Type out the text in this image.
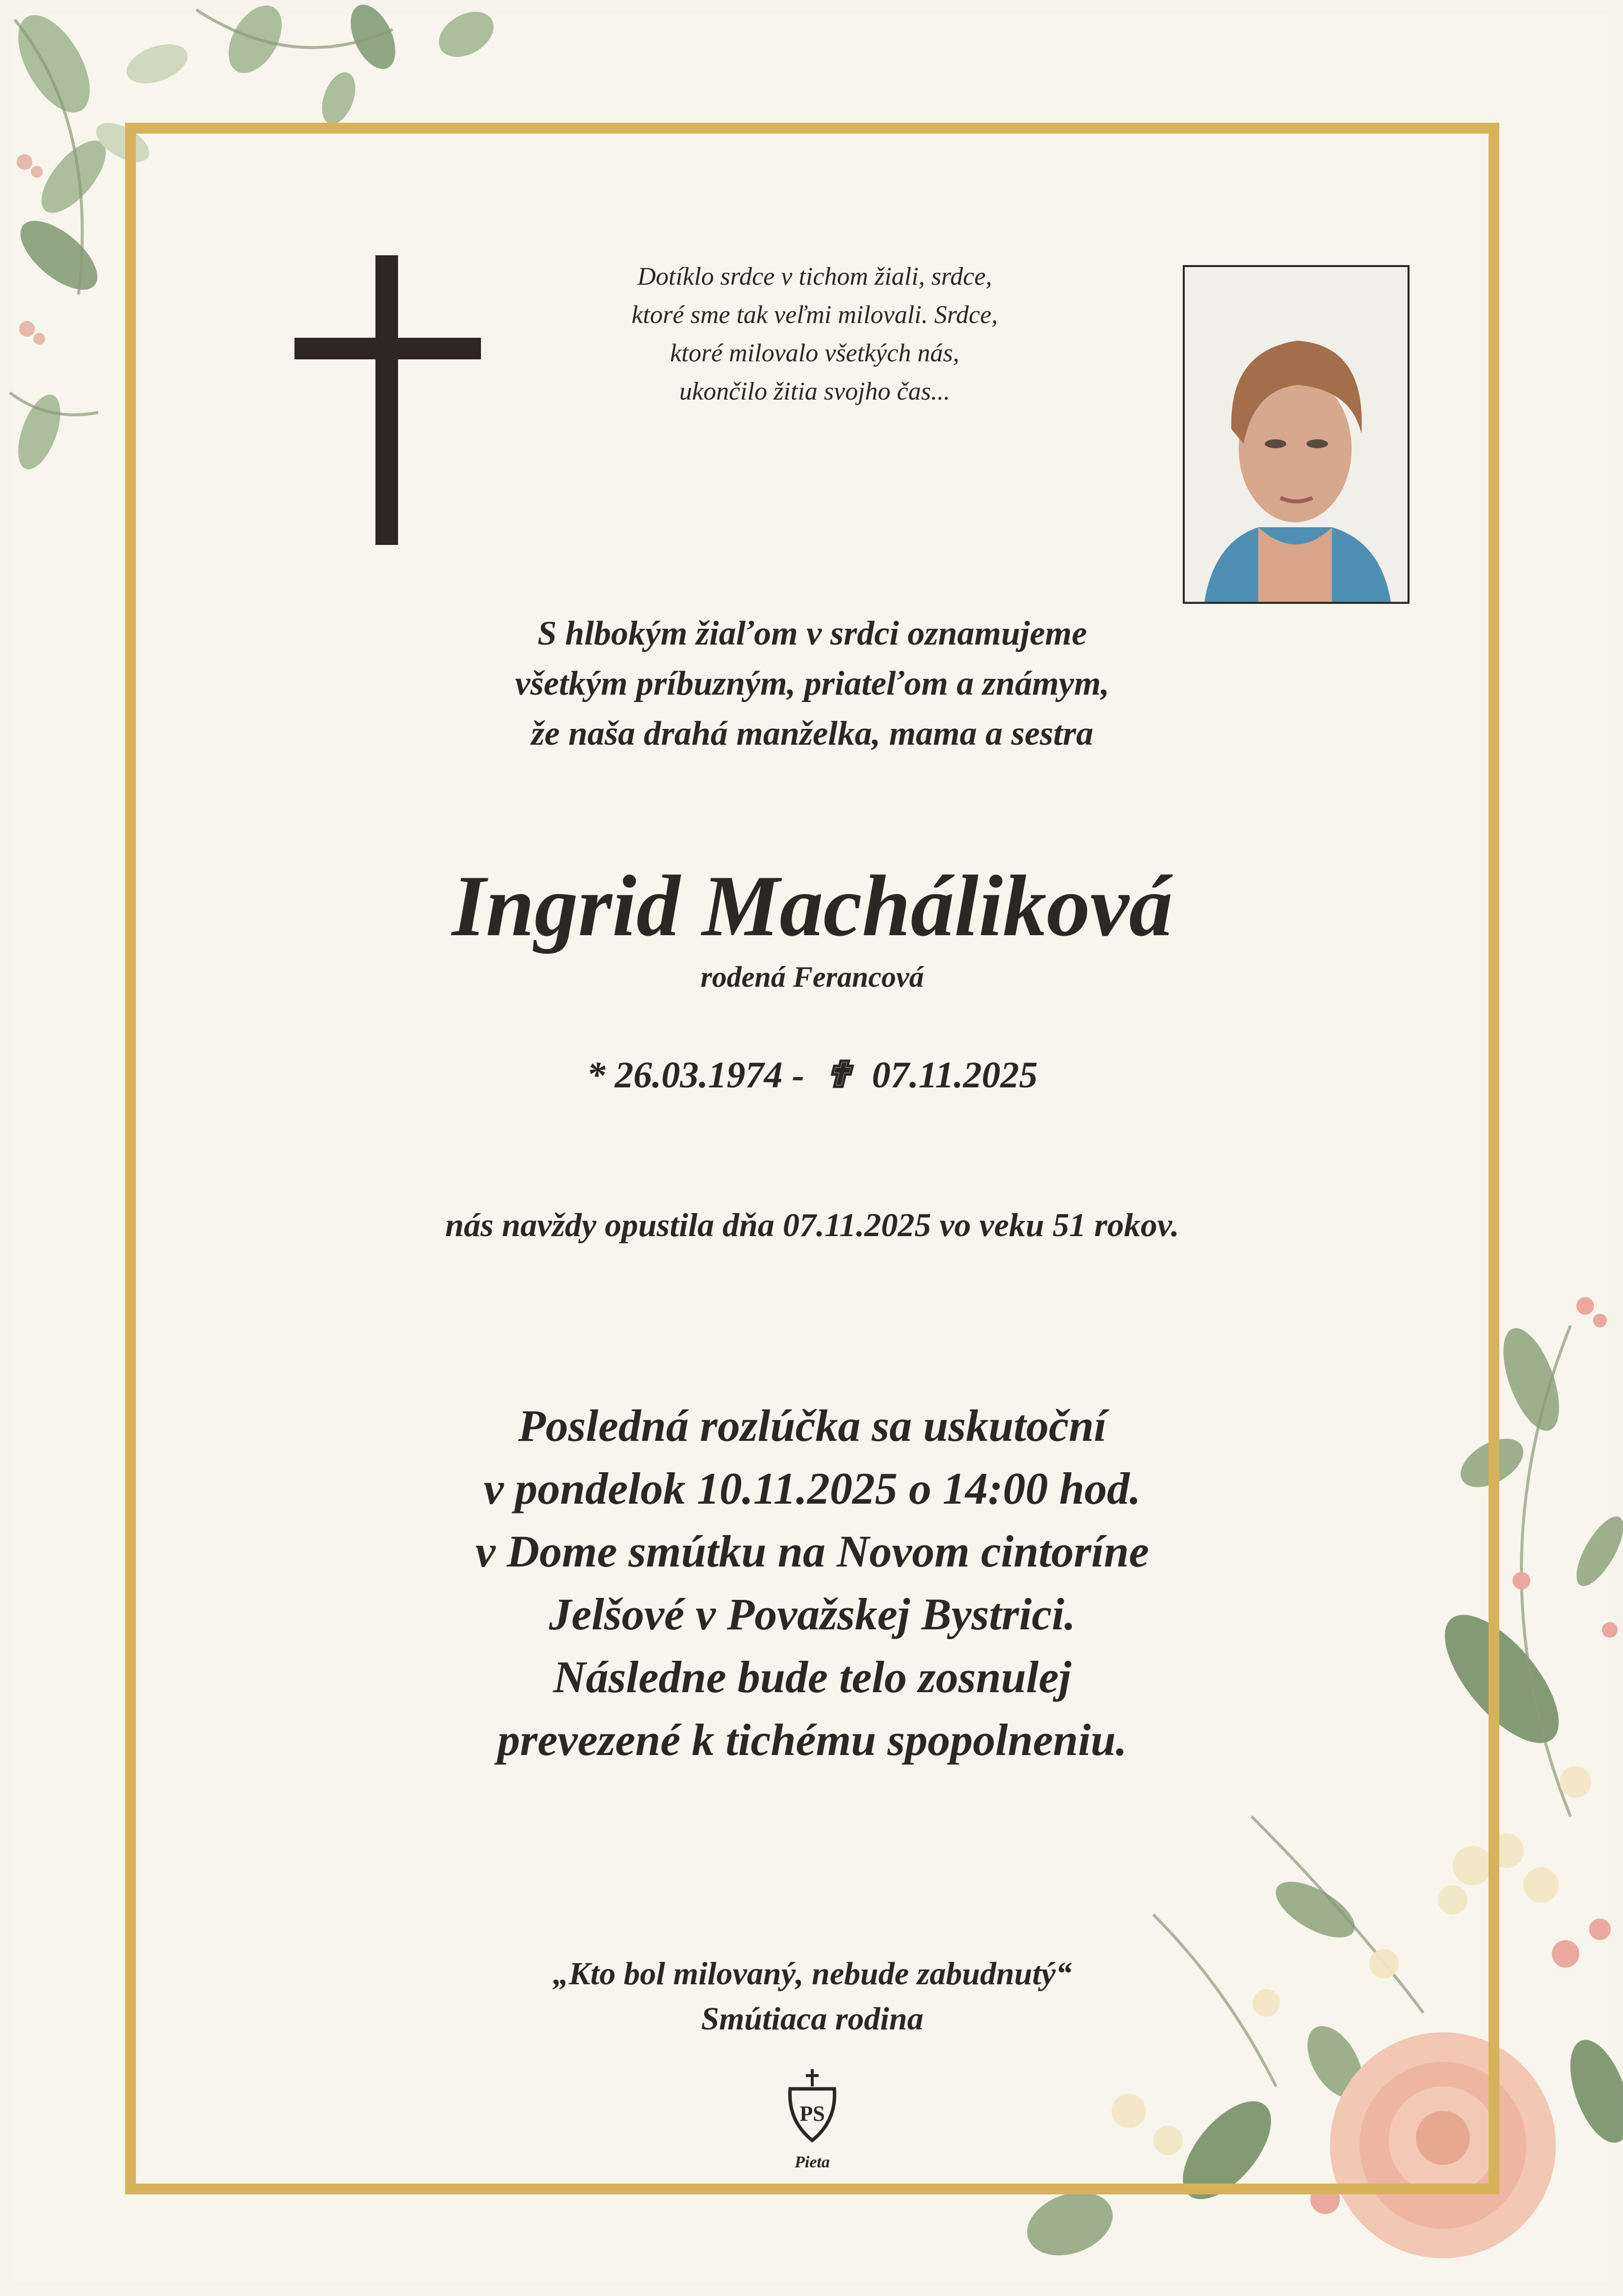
Dotíklo srdce v tichom žiali, srdce,
ktoré sme tak veľmi milovali. Srdce,
ktoré milovalo všetkých nás,
ukončilo žitia svojho čas...
S hlbokým žiaľom v srdci oznamujeme
všetkým príbuzným, priateľom a známym,
že naša drahá manželka, mama a sestra
Ingrid Macháliková
rodená Ferancová
* 26.03.1974 - ✟ 07.11.2025
nás navždy opustila dňa 07.11.2025 vo veku 51 rokov.
Posledná rozlúčka sa uskutoční
v pondelok 10.11.2025 o 14:00 hod.
v Dome smútku na Novom cintoríne
Jelšové v Považskej Bystrici.
Následne bude telo zosnulej
prevezené k tichému spopolneniu.
„Kto bol milovaný, nebude zabudnutý“
Smútiaca rodina
PS
Pieta
